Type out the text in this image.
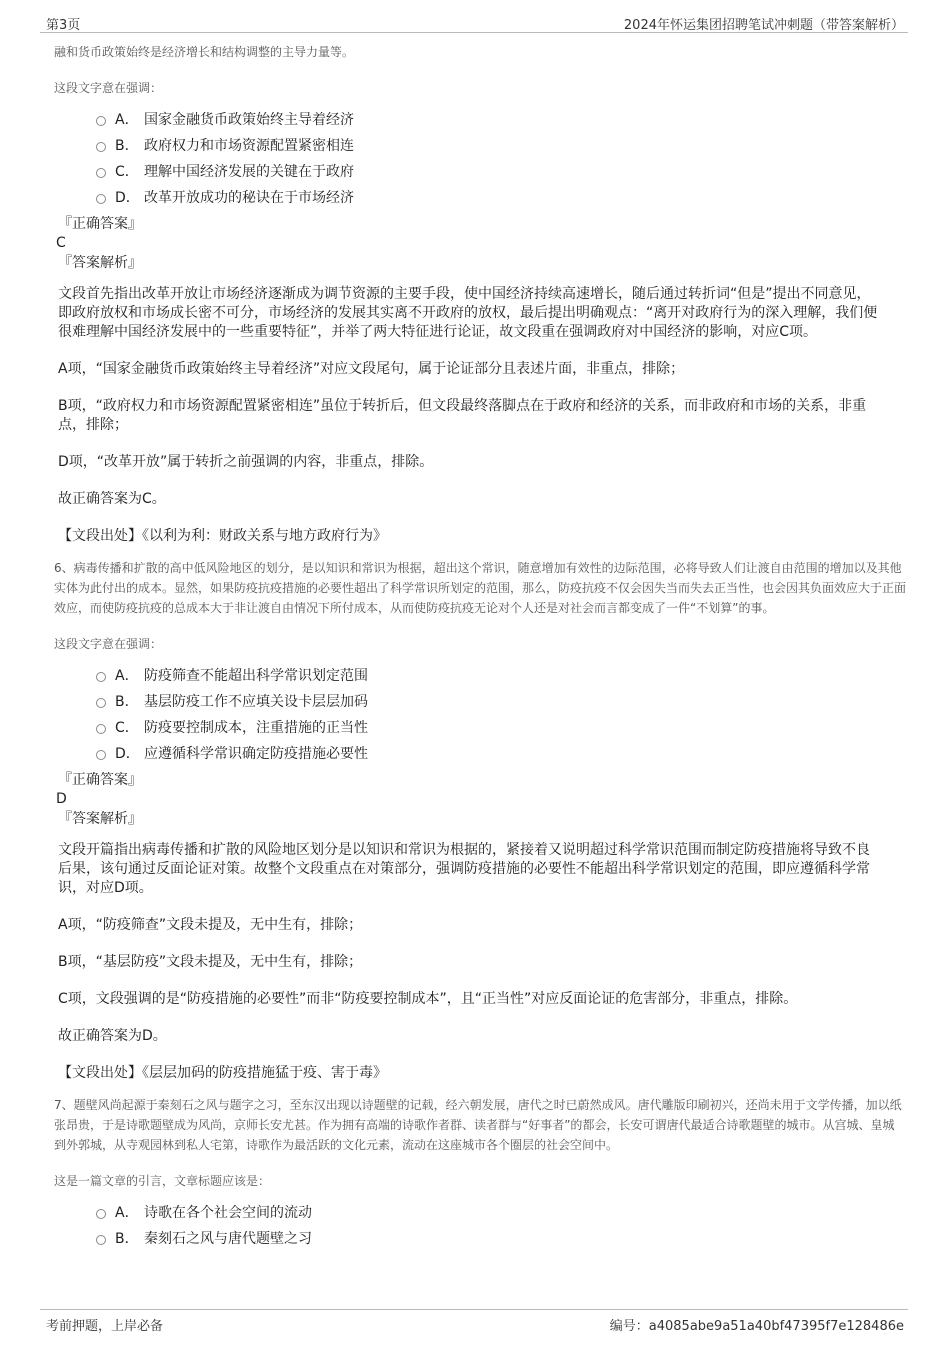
第3页	2024年怀运集团招聘笔试冲刺题（带答案解析）
融和货币政策始终是经济增长和结构调整的主导力量等。
这段文字意在强调：
A． 国家金融货币政策始终主导着经济
B． 政府权力和市场资源配置紧密相连
C． 理解中国经济发展的关键在于政府
D． 改革开放成功的秘诀在于市场经济
『正确答案』
C
『答案解析』
文段首先指出改革开放让市场经济逐渐成为调节资源的主要手段，使中国经济持续高速增长，随后通过转折词“但是”提出不同意见，即政府放权和市场成长密不可分，市场经济的发展其实离不开政府的放权，最后提出明确观点：“离开对政府行为的深入理解，我们便很难理解中国经济发展中的一些重要特征”，并举了两大特征进行论证，故文段重在强调政府对中国经济的影响，对应C项。
A项，“国家金融货币政策始终主导着经济”对应文段尾句，属于论证部分且表述片面，非重点，排除；
B项，“政府权力和市场资源配置紧密相连”虽位于转折后，但文段最终落脚点在于政府和经济的关系，而非政府和市场的关系，非重点，排除；
D项，“改革开放”属于转折之前强调的内容，非重点，排除。
故正确答案为C。
【文段出处】《以利为利：财政关系与地方政府行为》
6、病毒传播和扩散的高中低风险地区的划分，是以知识和常识为根据，超出这个常识，随意增加有效性的边际范围，必将导致人们让渡自由范围的增加以及其他实体为此付出的成本。显然，如果防疫抗疫措施的必要性超出了科学常识所划定的范围，那么，防疫抗疫不仅会因失当而失去正当性，也会因其负面效应大于正面效应，而使防疫抗疫的总成本大于非让渡自由情况下所付成本，从而使防疫抗疫无论对个人还是对社会而言都变成了一件“不划算”的事。
这段文字意在强调：
A． 防疫筛查不能超出科学常识划定范围
B． 基层防疫工作不应填关设卡层层加码
C． 防疫要控制成本，注重措施的正当性
D． 应遵循科学常识确定防疫措施必要性
『正确答案』
D
『答案解析』
文段开篇指出病毒传播和扩散的风险地区划分是以知识和常识为根据的，紧接着又说明超过科学常识范围而制定防疫措施将导致不良后果，该句通过反面论证对策。故整个文段重点在对策部分，强调防疫措施的必要性不能超出科学常识划定的范围，即应遵循科学常识，对应D项。
A项，“防疫筛查”文段未提及，无中生有，排除；
B项，“基层防疫”文段未提及，无中生有，排除；
C项，文段强调的是“防疫措施的必要性”而非“防疫要控制成本”，且“正当性”对应反面论证的危害部分，非重点，排除。
故正确答案为D。
【文段出处】《层层加码的防疫措施猛于疫、害于毒》
7、题壁风尚起源于秦刻石之风与题字之习，至东汉出现以诗题壁的记载，经六朝发展，唐代之时已蔚然成风。唐代雕版印刷初兴，还尚未用于文学传播，加以纸张昂贵，于是诗歌题壁成为风尚，京师长安尤甚。作为拥有高端的诗歌作者群、读者群与“好事者”的都会，长安可谓唐代最适合诗歌题壁的城市。从宫城、皇城到外郭城，从寺观园林到私人宅第，诗歌作为最活跃的文化元素，流动在这座城市各个圈层的社会空间中。
这是一篇文章的引言，文章标题应该是：
A． 诗歌在各个社会空间的流动
B． 秦刻石之风与唐代题壁之习
考前押题，上岸必备	编号：a4085abe9a51a40bf47395f7e128486e
